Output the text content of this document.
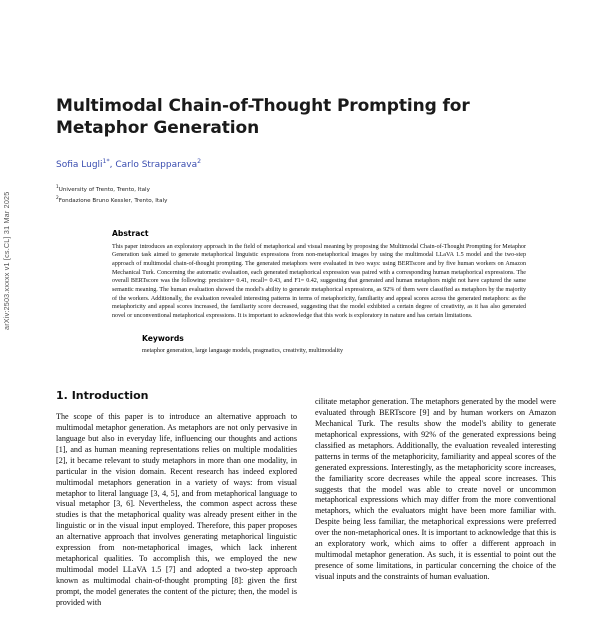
arXiv:2503.xxxxx v1 [cs.CL] 31 Mar 2025
Multimodal Chain-of-Thought Prompting for Metaphor Generation
Sofia Lugli$^{1*}$, Carlo Strapparava$^2$
$^1$University of Trento, Trento, Italy
$^2$Fondazione Bruno Kessler, Trento, Italy
Abstract
This paper introduces an exploratory approach in the field of metaphorical and visual meaning by proposing the Multimodal Chain-of-Thought Prompting for Metaphor Generation task aimed to generate metaphorical linguistic expressions from non-metaphorical images by using the multimodal LLaVA 1.5 model and the two-step approach of multimodal chain-of-thought prompting. The generated metaphors were evaluated in two ways: using BERTscore and by five human workers on Amazon Mechanical Turk. Concerning the automatic evaluation, each generated metaphorical expression was paired with a corresponding human metaphorical expressions. The overall BERTscore was the following: precision= 0.41, recall= 0.43, and F1= 0.42, suggesting that generated and human metaphors might not have captured the same semantic meaning. The human evaluation showed the model's ability to generate metaphorical expressions, as 92% of them were classified as metaphors by the majority of the workers. Additionally, the evaluation revealed interesting patterns in terms of metaphoricity, familiarity and appeal scores across the generated metaphors: as the metaphoricity and appeal scores increased, the familiarity score decreased, suggesting that the model exhibited a certain degree of creativity, as it has also generated novel or unconventional metaphorical expressions. It is important to acknowledge that this work is exploratory in nature and has certain limitations.
Keywords
metaphor generation, large language models, pragmatics, creativity, multimodality
1. Introduction

The scope of this paper is to introduce an alternative approach to multimodal metaphor generation. As metaphors are not only pervasive in language but also in everyday life, influencing our thoughts and actions [1], and as human meaning representations relies on multiple modalities [2], it became relevant to study metaphors in more than one modality, in particular in the vision domain. Recent research has indeed explored multimodal metaphors generation in a variety of ways: from visual metaphor to literal language [3, 4, 5], and from metaphorical language to visual metaphor [3, 6]. Nevertheless, the common aspect across these studies is that the metaphorical quality was already present either in the linguistic or in the visual input employed. Therefore, this paper proposes an alternative approach that involves generating metaphorical linguistic expression from non-metaphorical images, which lack inherent metaphorical qualities. To accomplish this, we employed the new multimodal model LLaVA 1.5 [7] and adopted a two-step approach known as multimodal chain-of-thought prompting [8]: given the first prompt, the model generates the content of the picture; then, the model is provided with

cilitate metaphor generation. The metaphors generated by the model were evaluated through BERTscore [9] and by human workers on Amazon Mechanical Turk. The results show the model's ability to generate metaphorical expressions, with 92% of the generated expressions being classified as metaphors. Additionally, the evaluation revealed interesting patterns in terms of the metaphoricity, familiarity and appeal scores of the generated expressions. Interestingly, as the metaphoricity score increases, the familiarity score decreases while the appeal score increases. This suggests that the model was able to create novel or uncommon metaphorical expressions which may differ from the more conventional metaphors, which the evaluators might have been more familiar with. Despite being less familiar, the metaphorical expressions were preferred over the non-metaphorical ones. It is important to acknowledge that this is an exploratory work, which aims to offer a different approach in multimodal metaphor generation. As such, it is essential to point out the presence of some limitations, in particular concerning the choice of the visual inputs and the constraints of human evaluation.
